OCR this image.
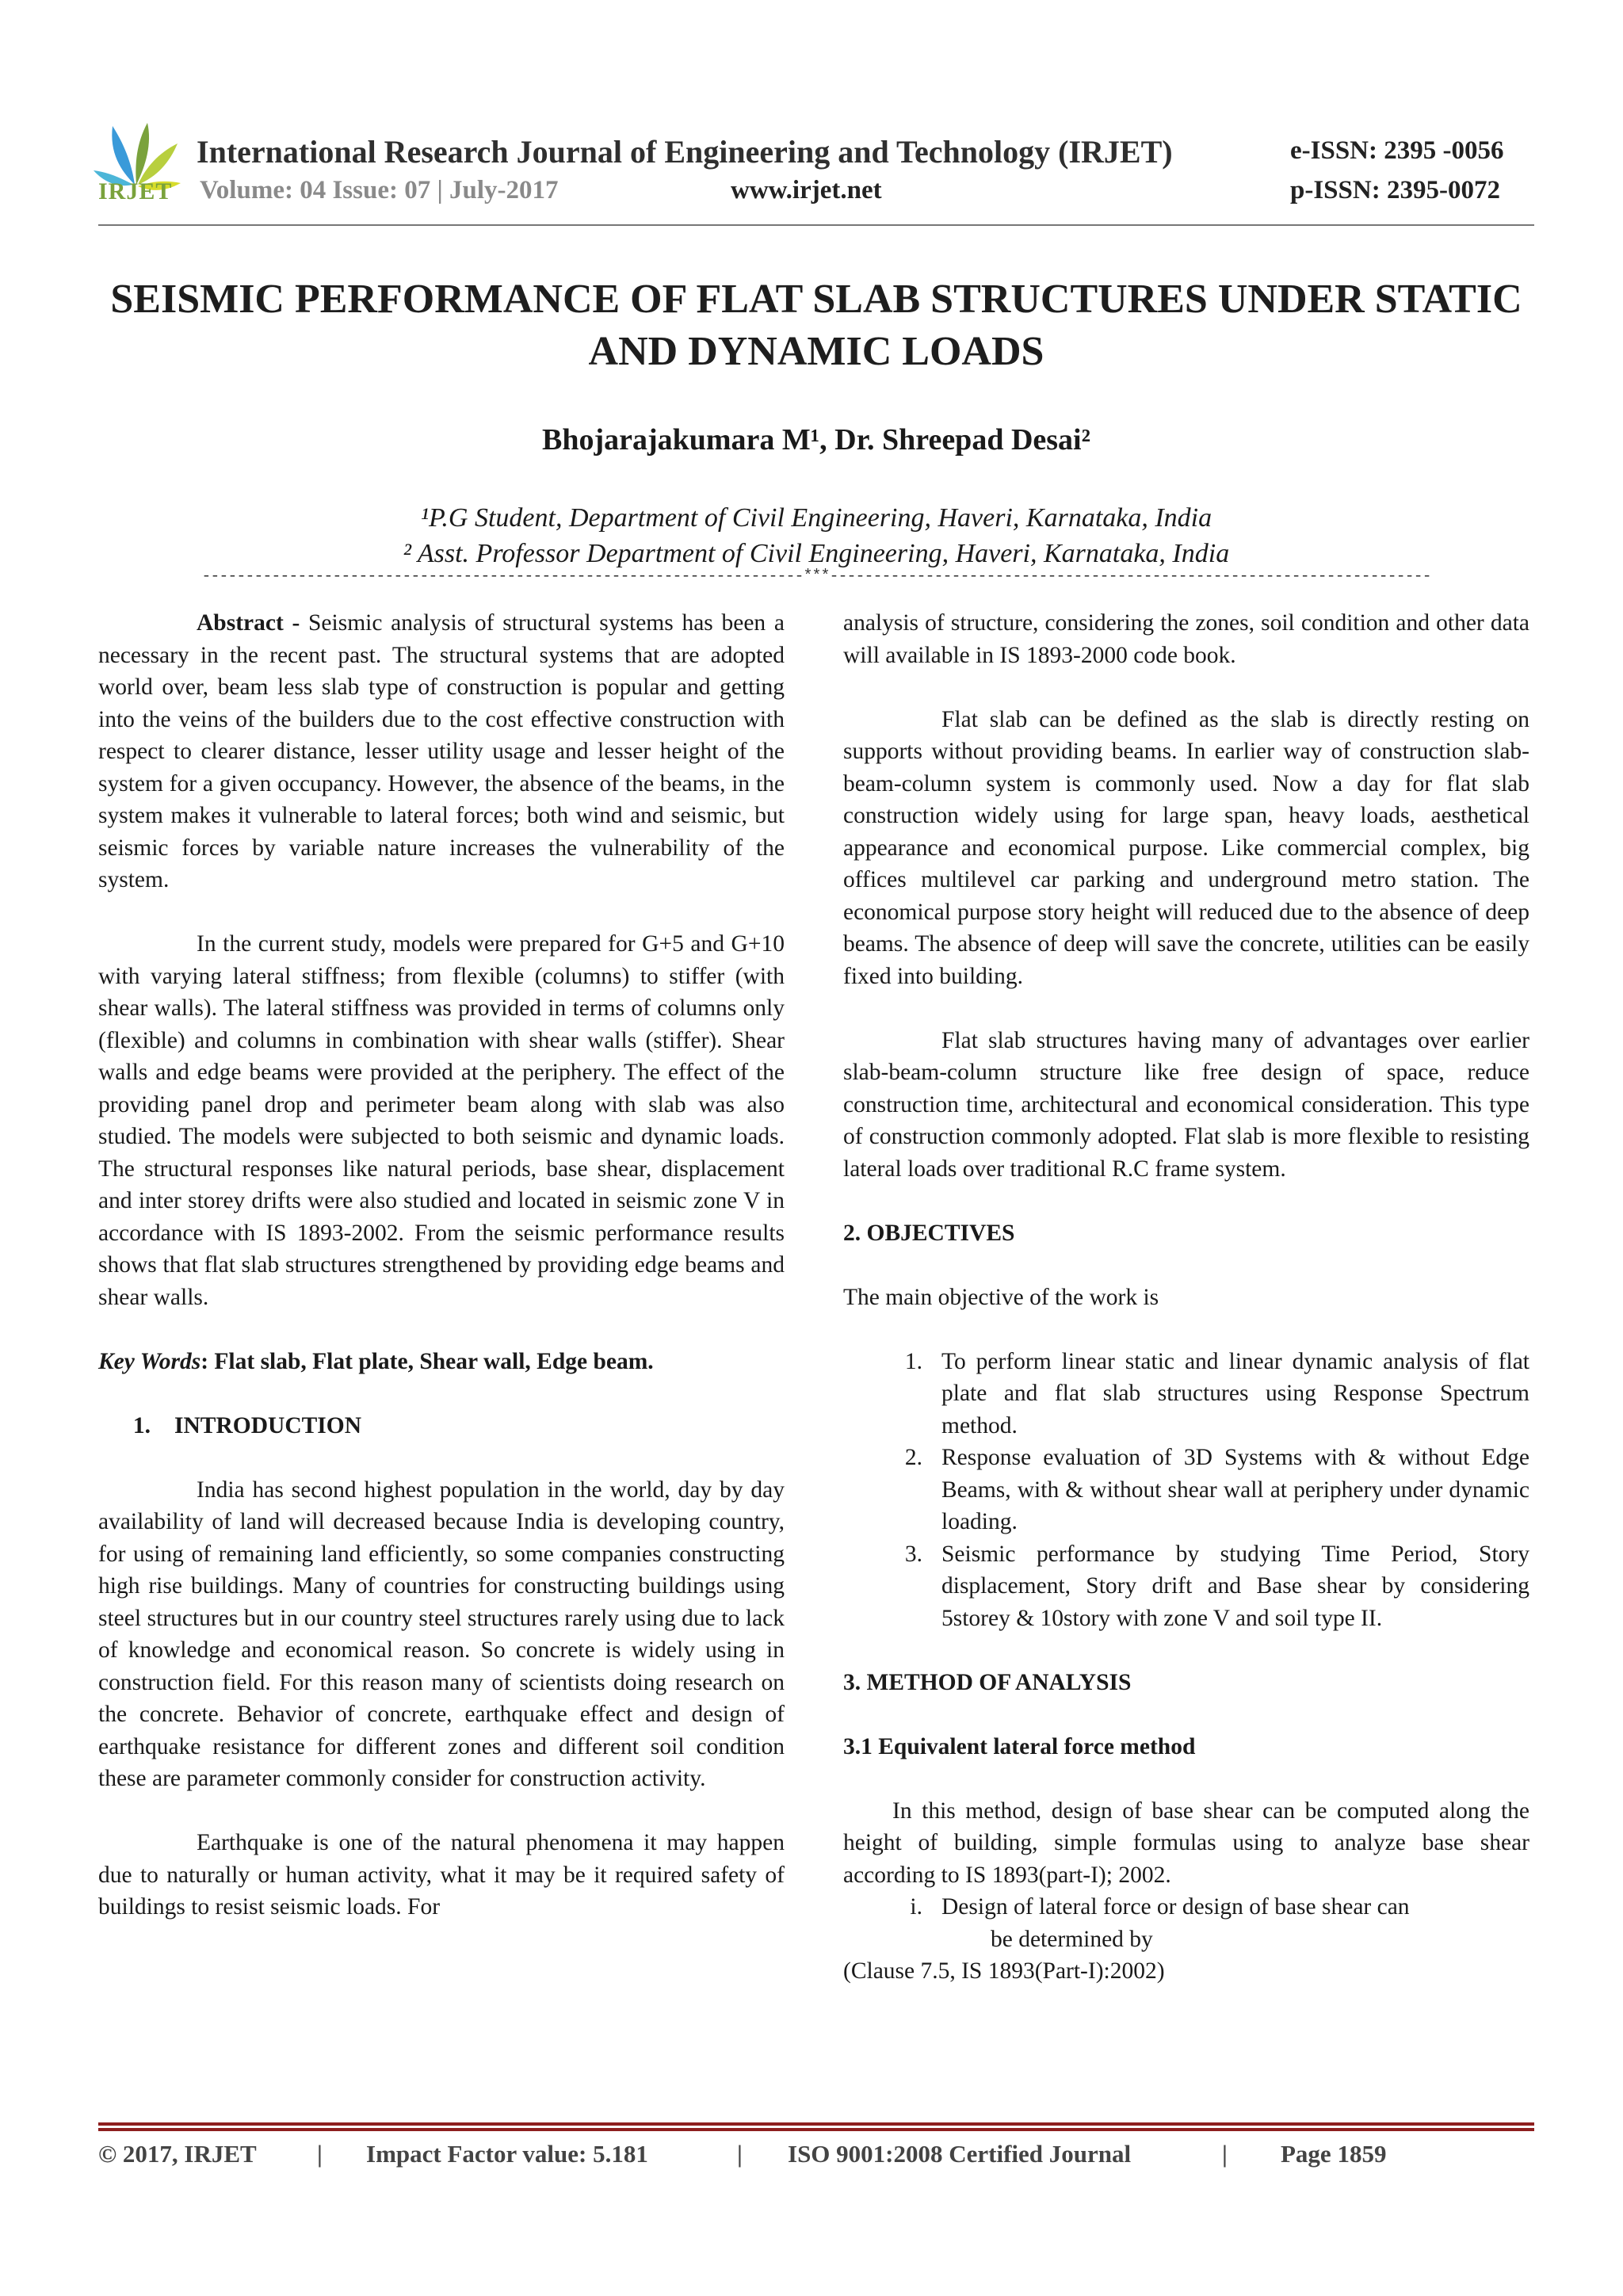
IRJET
International Research Journal of Engineering and Technology (IRJET)
Volume: 04 Issue: 07 | July-2017	www.irjet.net
e-ISSN: 2395 -0056
p-ISSN: 2395-0072
SEISMIC PERFORMANCE OF FLAT SLAB STRUCTURES UNDER STATIC
AND DYNAMIC LOADS
Bhojarajakumara M¹, Dr. Shreepad Desai²
¹P.G Student, Department of Civil Engineering, Haveri, Karnataka, India
² Asst. Professor Department of Civil Engineering, Haveri, Karnataka, India
---------------------------------------------------------------------***---------------------------------------------------------------------

Abstract - Seismic analysis of structural systems has been a necessary in the recent past. The structural systems that are adopted world over, beam less slab type of construction is popular and getting into the veins of the builders due to the cost effective construction with respect to clearer distance, lesser utility usage and lesser height of the system for a given occupancy. However, the absence of the beams, in the system makes it vulnerable to lateral forces; both wind and seismic, but seismic forces by variable nature increases the vulnerability of the system.

In the current study, models were prepared for G+5 and G+10 with varying lateral stiffness; from flexible (columns) to stiffer (with shear walls). The lateral stiffness was provided in terms of columns only (flexible) and columns in combination with shear walls (stiffer). Shear walls and edge beams were provided at the periphery. The effect of the providing panel drop and perimeter beam along with slab was also studied. The models were subjected to both seismic and dynamic loads. The structural responses like natural periods, base shear, displacement and inter storey drifts were also studied and located in seismic zone V in accordance with IS 1893-2002. From the seismic performance results shows that flat slab structures strengthened by providing edge beams and shear walls.

Key Words: Flat slab, Flat plate, Shear wall, Edge beam.

1. INTRODUCTION

India has second highest population in the world, day by day availability of land will decreased because India is developing country, for using of remaining land efficiently, so some companies constructing high rise buildings. Many of countries for constructing buildings using steel structures but in our country steel structures rarely using due to lack of knowledge and economical reason. So concrete is widely using in construction field. For this reason many of scientists doing research on the concrete. Behavior of concrete, earthquake effect and design of earthquake resistance for different zones and different soil condition these are parameter commonly consider for construction activity.

Earthquake is one of the natural phenomena it may happen due to naturally or human activity, what it may be it required safety of buildings to resist seismic loads. For

analysis of structure, considering the zones, soil condition and other data will available in IS 1893-2000 code book.

Flat slab can be defined as the slab is directly resting on supports without providing beams. In earlier way of construction slab-beam-column system is commonly used. Now a day for flat slab construction widely using for large span, heavy loads, aesthetical appearance and economical purpose. Like commercial complex, big offices multilevel car parking and underground metro station. The economical purpose story height will reduced due to the absence of deep beams. The absence of deep will save the concrete, utilities can be easily fixed into building.

Flat slab structures having many of advantages over earlier slab-beam-column structure like free design of space, reduce construction time, architectural and economical consideration. This type of construction commonly adopted. Flat slab is more flexible to resisting lateral loads over traditional R.C frame system.

2. OBJECTIVES

The main objective of the work is

1. To perform linear static and linear dynamic analysis of flat plate and flat slab structures using Response Spectrum method.
2. Response evaluation of 3D Systems with & without Edge Beams, with & without shear wall at periphery under dynamic loading.
3. Seismic performance by studying Time Period, Story displacement, Story drift and Base shear by considering 5storey & 10story with zone V and soil type II.

3. METHOD OF ANALYSIS

3.1 Equivalent lateral force method

In this method, design of base shear can be computed along the height of building, simple formulas using to analyze base shear according to IS 1893(part-I); 2002.

i. Design of lateral force or design of base shear can

be determined by

(Clause 7.5, IS 1893(Part-I):2002)

© 2017, IRJET | Impact Factor value: 5.181	| ISO 9001:2008 Certified Journal	| Page 1859
